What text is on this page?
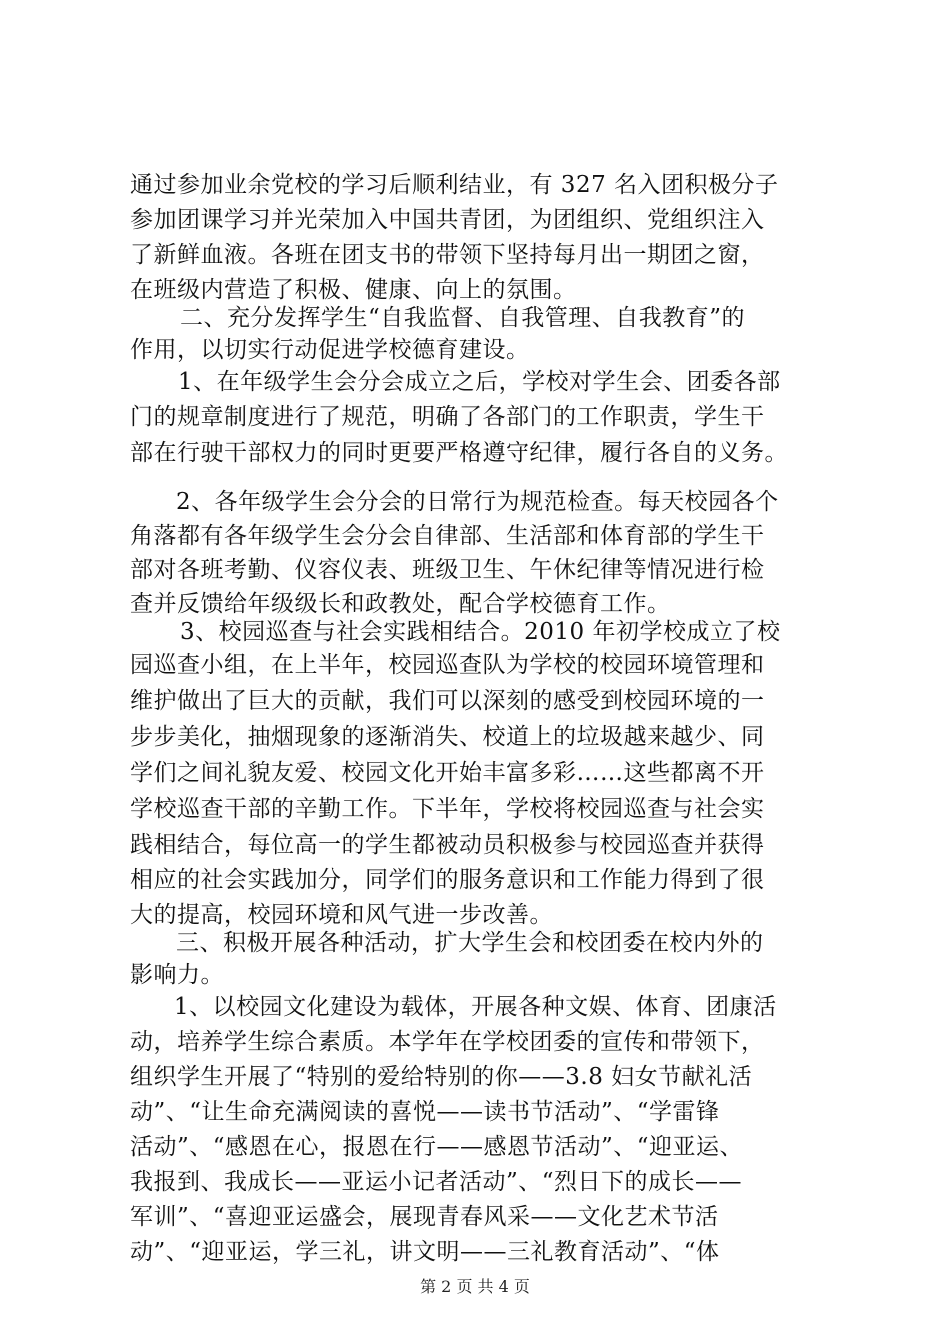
通过参加业余党校的学习后顺利结业，有 327 名入团积极分子
参加团课学习并光荣加入中国共青团，为团组织、党组织注入
了新鲜血液。各班在团支书的带领下坚持每月出一期团之窗，
在班级内营造了积极、健康、向上的氛围。
二、充分发挥学生“自我监督、自我管理、自我教育”的
作用，以切实行动促进学校德育建设。
1、在年级学生会分会成立之后，学校对学生会、团委各部
门的规章制度进行了规范，明确了各部门的工作职责，学生干
部在行驶干部权力的同时更要严格遵守纪律，履行各自的义务。
2、各年级学生会分会的日常行为规范检查。每天校园各个
角落都有各年级学生会分会自律部、生活部和体育部的学生干
部对各班考勤、仪容仪表、班级卫生、午休纪律等情况进行检
查并反馈给年级级长和政教处，配合学校德育工作。
3、校园巡查与社会实践相结合。2010 年初学校成立了校
园巡查小组，在上半年，校园巡查队为学校的校园环境管理和
维护做出了巨大的贡献，我们可以深刻的感受到校园环境的一
步步美化，抽烟现象的逐渐消失、校道上的垃圾越来越少、同
学们之间礼貌友爱、校园文化开始丰富多彩……这些都离不开
学校巡查干部的辛勤工作。下半年，学校将校园巡查与社会实
践相结合，每位高一的学生都被动员积极参与校园巡查并获得
相应的社会实践加分，同学们的服务意识和工作能力得到了很
大的提高，校园环境和风气进一步改善。
三、积极开展各种活动，扩大学生会和校团委在校内外的
影响力。
1、以校园文化建设为载体，开展各种文娱、体育、团康活
动，培养学生综合素质。本学年在学校团委的宣传和带领下，
组织学生开展了“特别的爱给特别的你——3.8 妇女节献礼活
动”、“让生命充满阅读的喜悦——读书节活动”、“学雷锋
活动”、“感恩在心，报恩在行——感恩节活动”、“迎亚运、
我报到、我成长——亚运小记者活动”、“烈日下的成长——
军训”、“喜迎亚运盛会，展现青春风采——文化艺术节活
动”、“迎亚运，学三礼，讲文明——三礼教育活动”、“体
第 2 页 共 4 页
